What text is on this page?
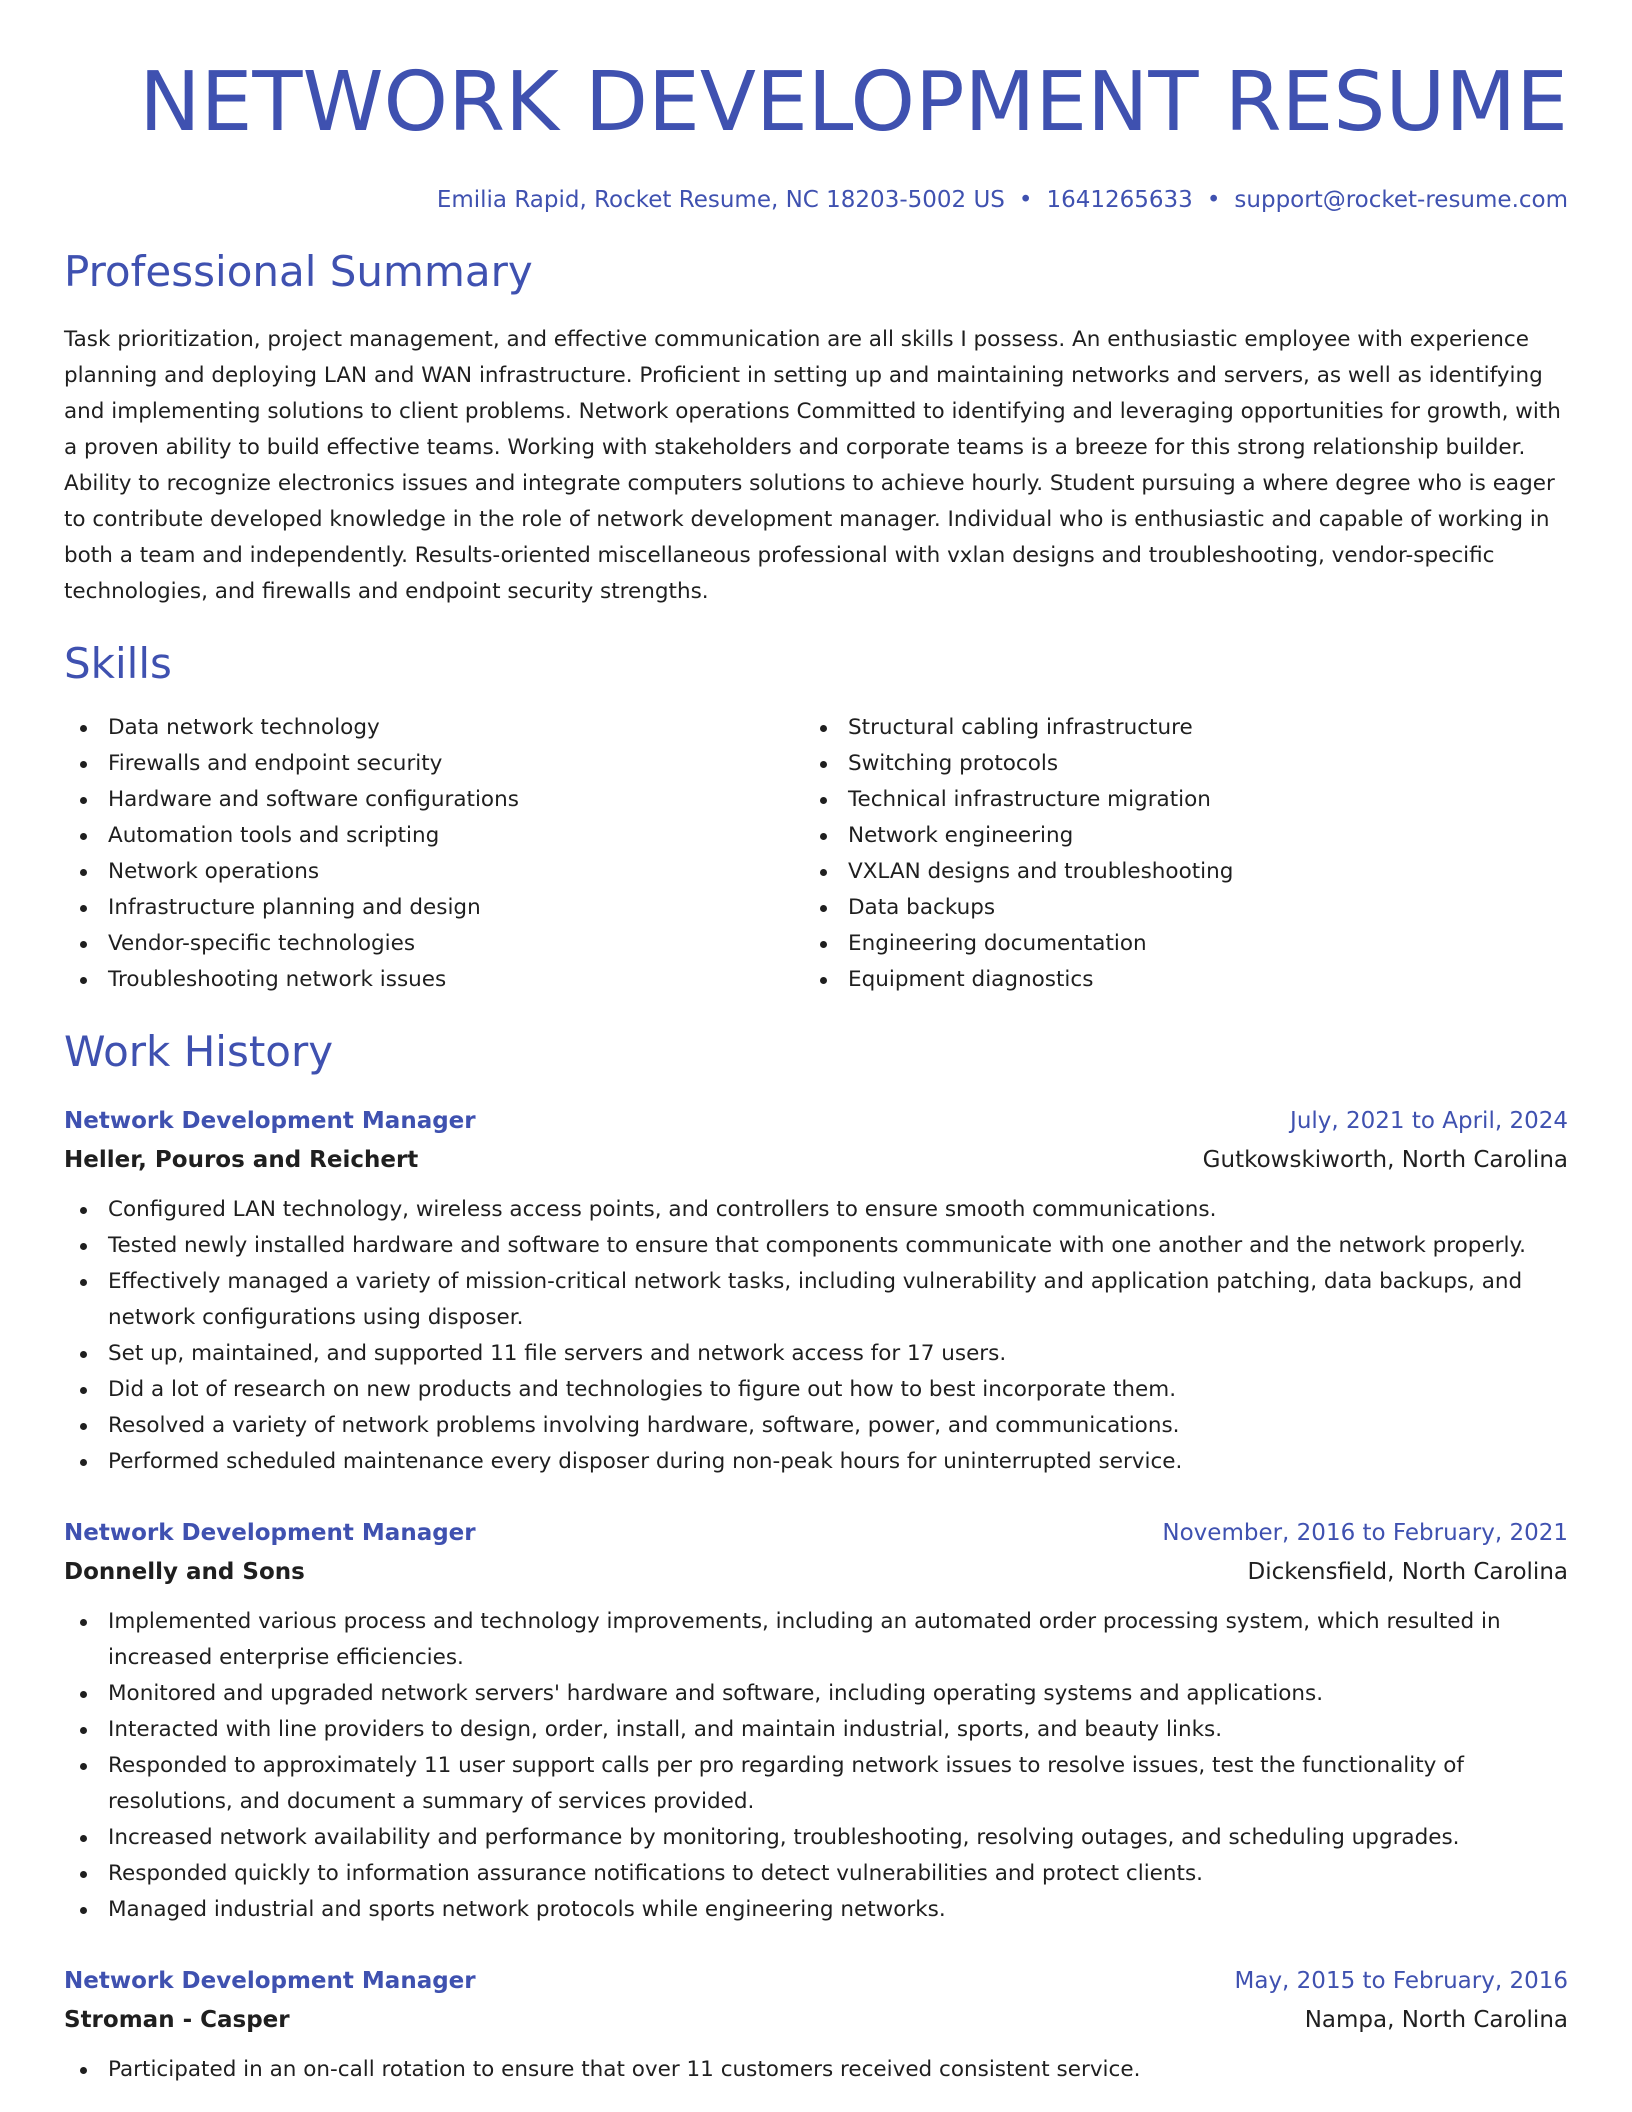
NETWORK DEVELOPMENT RESUME
Emilia Rapid, Rocket Resume, NC 18203-5002 US • 1641265633 • support@rocket-resume.com
Professional Summary

Task prioritization, project management, and effective communication are all skills I possess. An enthusiastic employee with experience planning and deploying LAN and WAN infrastructure. Proficient in setting up and maintaining networks and servers, as well as identifying and implementing solutions to client problems. Network operations Committed to identifying and leveraging opportunities for growth, with a proven ability to build effective teams. Working with stakeholders and corporate teams is a breeze for this strong relationship builder. Ability to recognize electronics issues and integrate computers solutions to achieve hourly. Student pursuing a where degree who is eager to contribute developed knowledge in the role of network development manager. Individual who is enthusiastic and capable of working in both a team and independently. Results-oriented miscellaneous professional with vxlan designs and troubleshooting, vendor-specific technologies, and firewalls and endpoint security strengths.

Skills
Data network technology
Firewalls and endpoint security
Hardware and software configurations
Automation tools and scripting
Network operations
Infrastructure planning and design
Vendor-specific technologies
Troubleshooting network issues
Structural cabling infrastructure
Switching protocols
Technical infrastructure migration
Network engineering
VXLAN designs and troubleshooting
Data backups
Engineering documentation
Equipment diagnostics
Work History
Network Development Manager	July, 2021 to April, 2024
Heller, Pouros and Reichert	Gutkowskiworth, North Carolina
Configured LAN technology, wireless access points, and controllers to ensure smooth communications.
Tested newly installed hardware and software to ensure that components communicate with one another and the network properly.
Effectively managed a variety of mission-critical network tasks, including vulnerability and application patching, data backups, and network configurations using disposer.
Set up, maintained, and supported 11 file servers and network access for 17 users.
Did a lot of research on new products and technologies to figure out how to best incorporate them.
Resolved a variety of network problems involving hardware, software, power, and communications.
Performed scheduled maintenance every disposer during non-peak hours for uninterrupted service.
Network Development Manager	November, 2016 to February, 2021
Donnelly and Sons	Dickensfield, North Carolina
Implemented various process and technology improvements, including an automated order processing system, which resulted in increased enterprise efficiencies.
Monitored and upgraded network servers' hardware and software, including operating systems and applications.
Interacted with line providers to design, order, install, and maintain industrial, sports, and beauty links.
Responded to approximately 11 user support calls per pro regarding network issues to resolve issues, test the functionality of resolutions, and document a summary of services provided.
Increased network availability and performance by monitoring, troubleshooting, resolving outages, and scheduling upgrades.
Responded quickly to information assurance notifications to detect vulnerabilities and protect clients.
Managed industrial and sports network protocols while engineering networks.
Network Development Manager	May, 2015 to February, 2016
Stroman - Casper	Nampa, North Carolina
Participated in an on-call rotation to ensure that over 11 customers received consistent service.
